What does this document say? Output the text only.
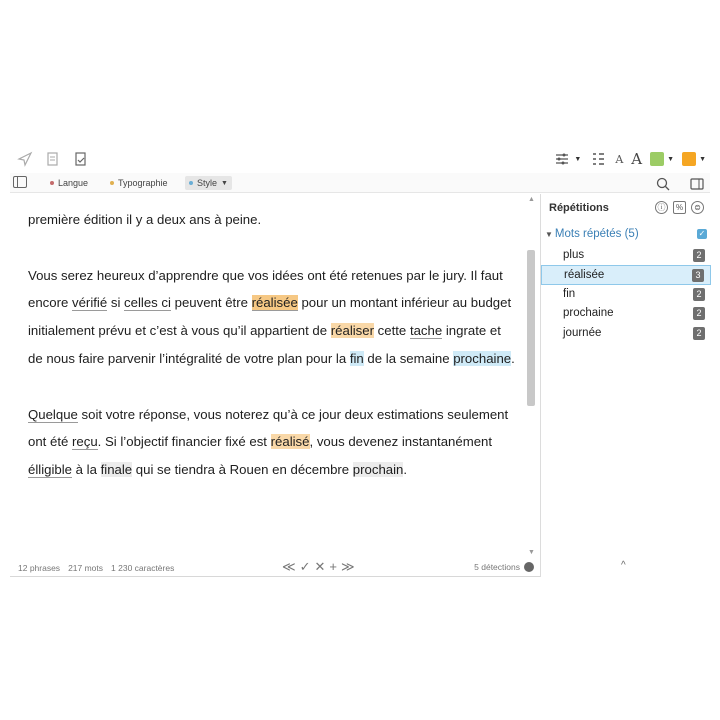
▼	A A	▼	▼
Langue	Typographie	Style ▼
première édition il y a deux ans à peine.
Vous serez heureux d’apprendre que vos idées ont été retenues par le jury. Il faut encore vérifié si celles ci peuvent être réalisée pour un montant inférieur au budget initialement prévu et c’est à vous qu’il appartient de réaliser cette tache ingrate et de nous faire parvenir l’intégralité de votre plan pour la fin de la semaine prochaine.
Quelque soit votre réponse, vous noterez qu’à ce jour deux estimations seulement ont été reçu. Si l’objectif financier fixé est réalisé, vous devenez instantanément élligible à la finale qui se tiendra à Rouen en décembre prochain.
▲
▼
12 phrases 217 mots 1 230 caractères	≪ ✓ ✕ + ≫	5 détections
Répétitions	ⓘ	%	⊜
▼ Mots répétés (5)	✓
plus	2
réalisée	3
fin	2
prochaine	2
journée	2
^
